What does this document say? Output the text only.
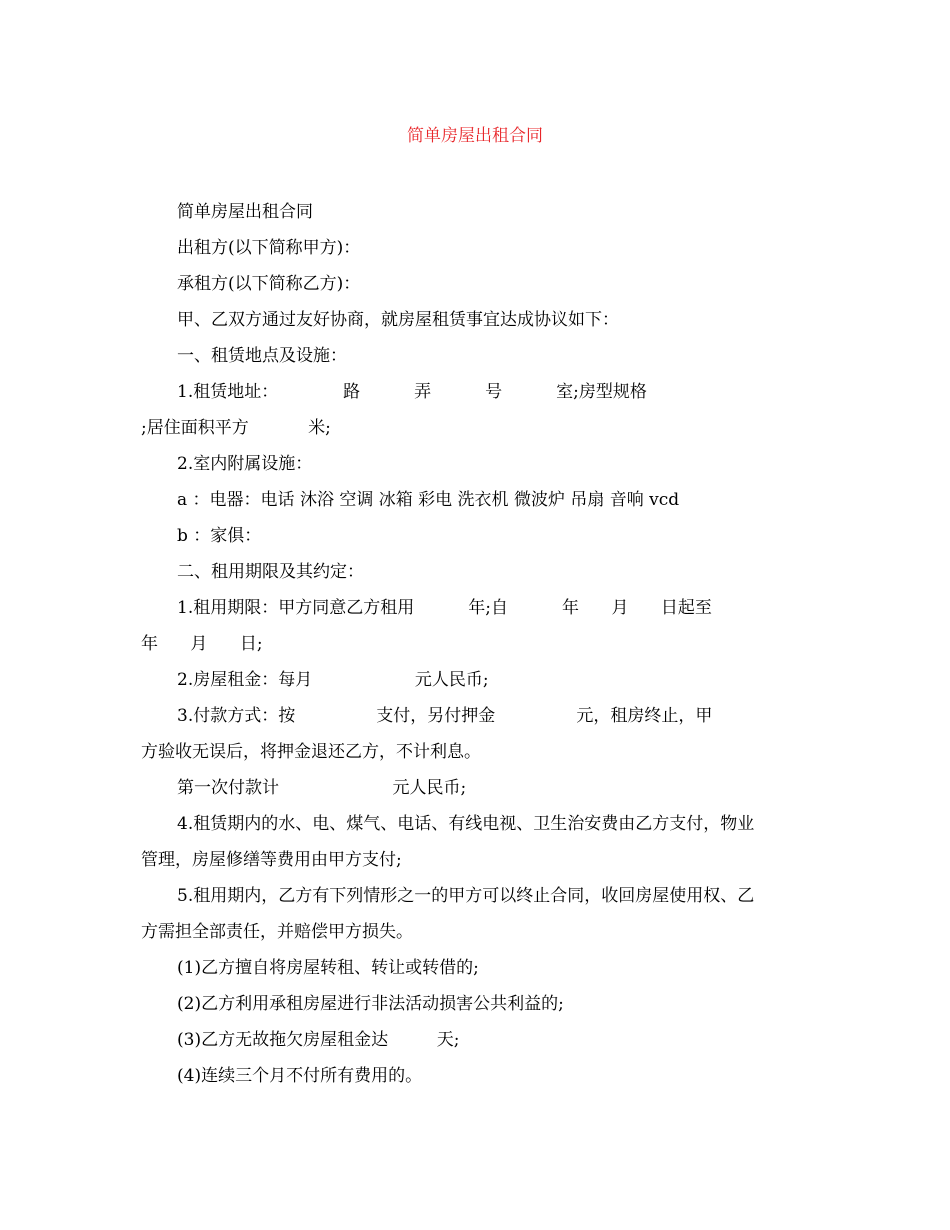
简单房屋出租合同

简单房屋出租合同

出租方(以下简称甲方)：

承租方(以下简称乙方)：

甲、乙双方通过友好协商，就房屋租赁事宜达成协议如下：

一、租赁地点及设施：

1.租赁地址：            路          弄          号          室;房型规格

;居住面积平方           米;

2.室内附属设施：

a ：电器：电话 沐浴 空调 冰箱 彩电 洗衣机 微波炉 吊扇 音响 vcd

b ：家俱：

二、租用期限及其约定：

1.租用期限：甲方同意乙方租用          年;自          年      月      日起至

年      月      日;

2.房屋租金：每月                   元人民币;

3.付款方式：按               支付，另付押金               元，租房终止，甲

方验收无误后，将押金退还乙方，不计利息。

第一次付款计                     元人民币;

4.租赁期内的水、电、煤气、电话、有线电视、卫生治安费由乙方支付，物业

管理，房屋修缮等费用由甲方支付;

5.租用期内，乙方有下列情形之一的甲方可以终止合同，收回房屋使用权、乙

方需担全部责任，并赔偿甲方损失。

(1)乙方擅自将房屋转租、转让或转借的;

(2)乙方利用承租房屋进行非法活动损害公共利益的;

(3)乙方无故拖欠房屋租金达         天;

(4)连续三个月不付所有费用的。
